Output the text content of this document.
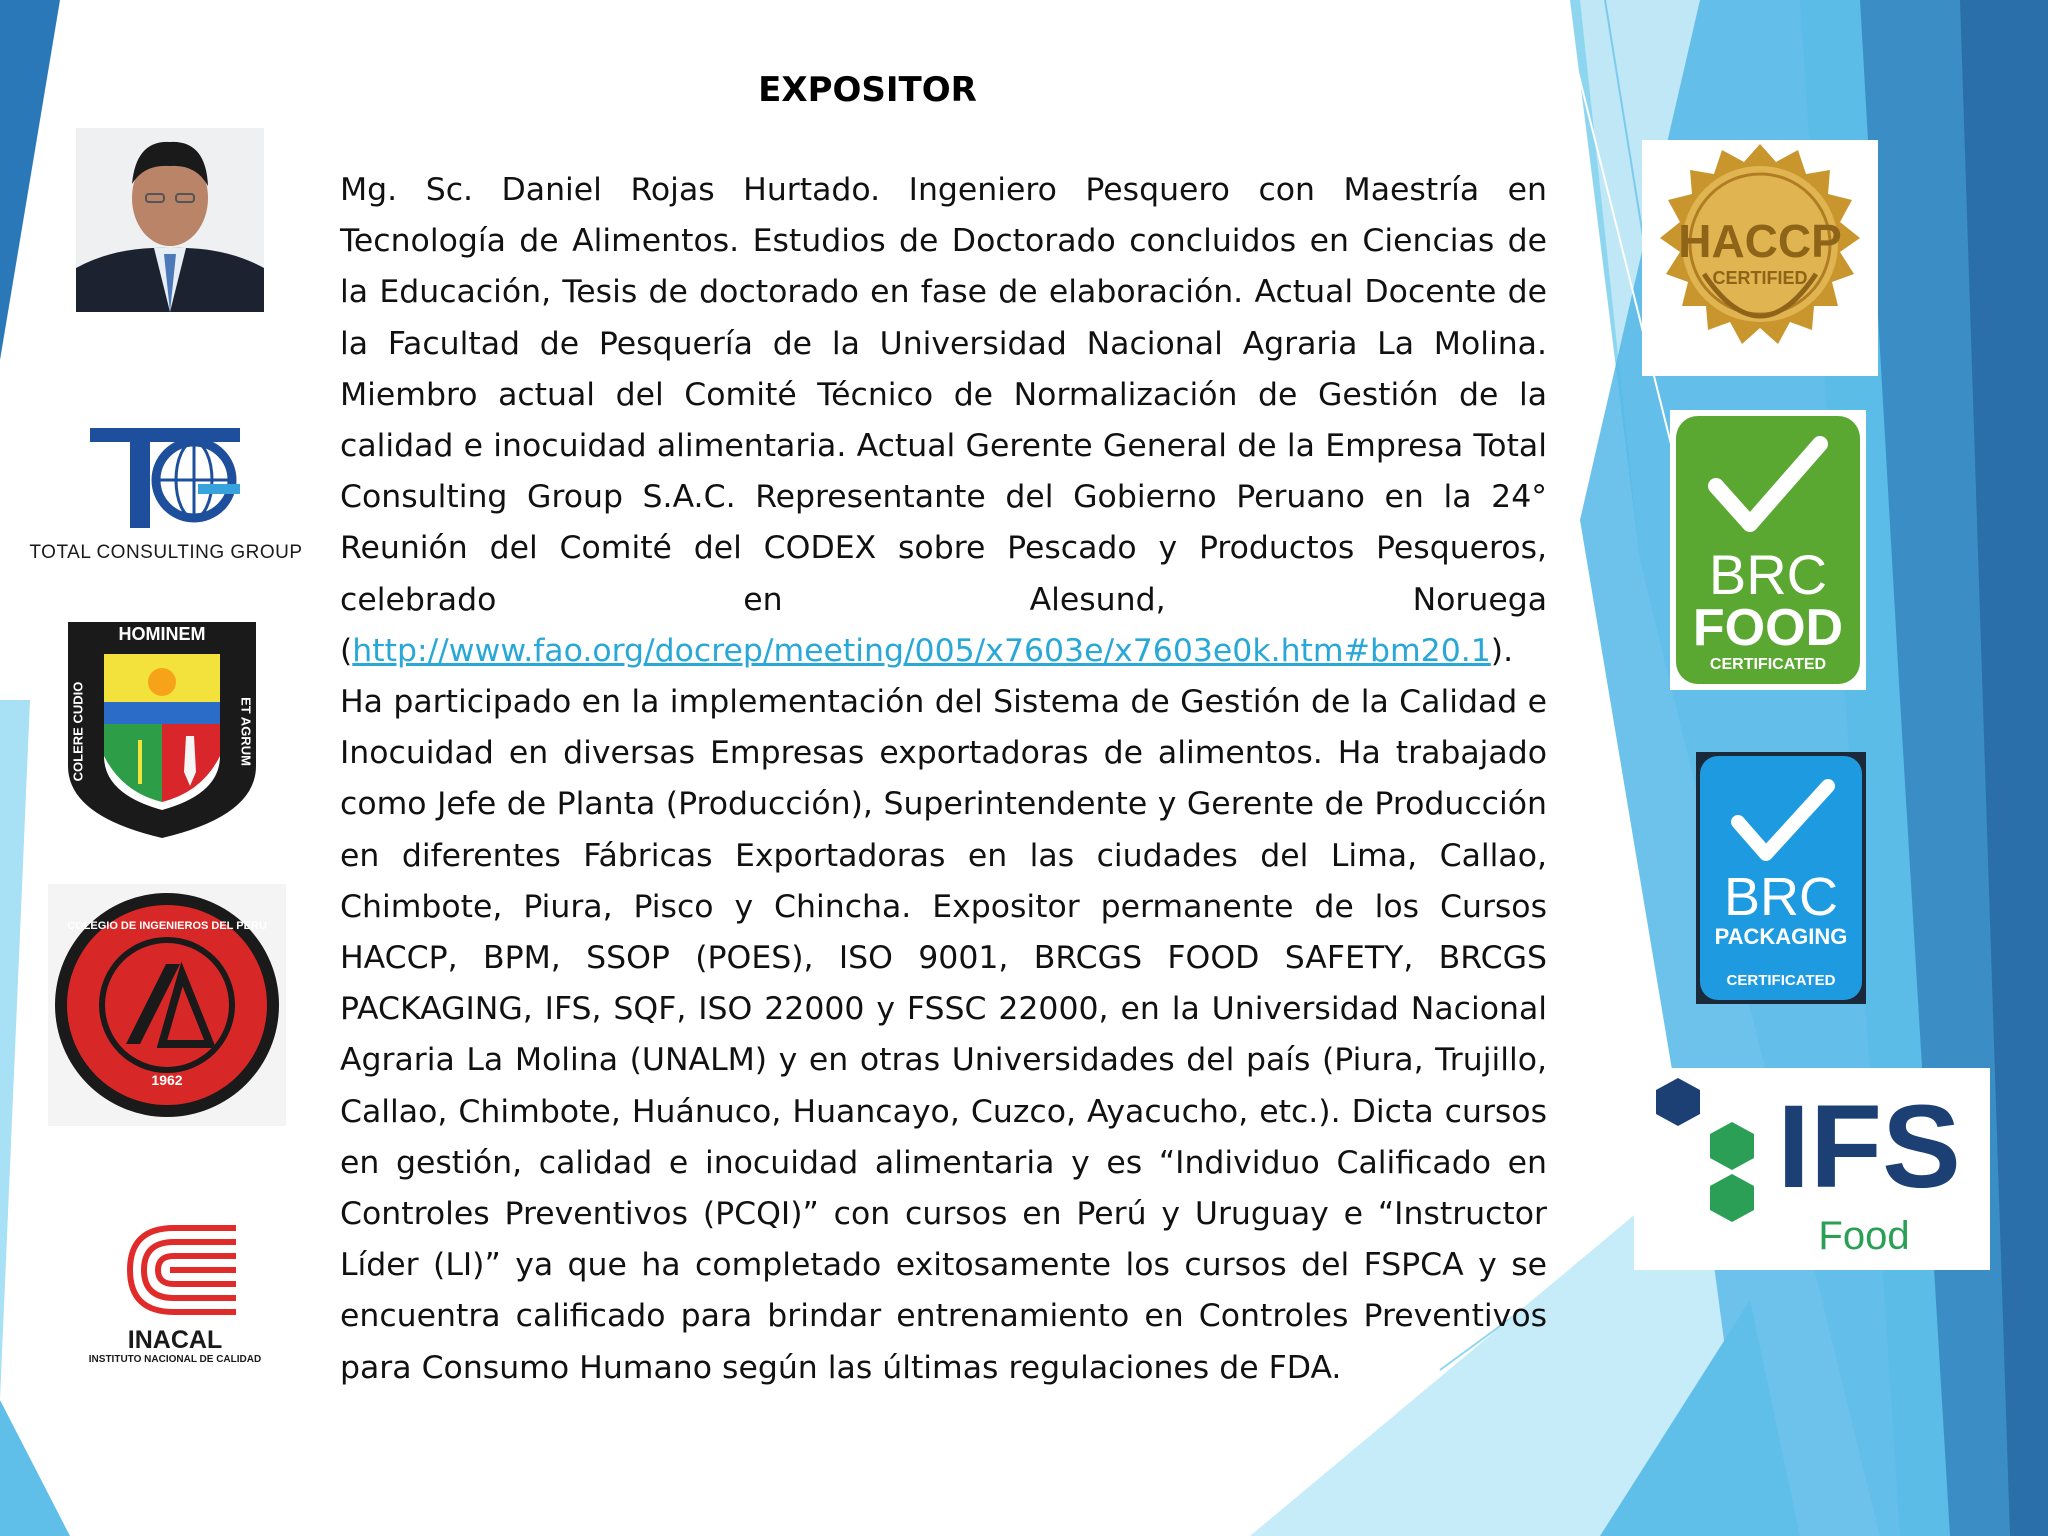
EXPOSITOR

Mg. Sc. Daniel Rojas Hurtado. Ingeniero Pesquero con Maestría en Tecnología de Alimentos. Estudios de Doctorado concluidos en Ciencias de la Educación, Tesis de doctorado en fase de elaboración. Actual Docente de la Facultad de Pesquería de la Universidad Nacional Agraria La Molina. Miembro actual del Comité Técnico de Normalización de Gestión de la calidad e inocuidad alimentaria. Actual Gerente General de la Empresa Total Consulting Group S.A.C. Representante del Gobierno Peruano en la 24° Reunión del Comité del CODEX sobre Pescado y Productos Pesqueros, celebrado en Alesund, Noruega (http://www.fao.org/docrep/meeting/005/x7603e/x7603e0k.htm#bm20.1). Ha participado en la implementación del Sistema de Gestión de la Calidad e Inocuidad en diversas Empresas exportadoras de alimentos. Ha trabajado como Jefe de Planta (Producción), Superintendente y Gerente de Producción en diferentes Fábricas Exportadoras en las ciudades del Lima, Callao, Chimbote, Piura, Pisco y Chincha. Expositor permanente de los Cursos HACCP, BPM, SSOP (POES), ISO 9001, BRCGS FOOD SAFETY, BRCGS PACKAGING, IFS, SQF, ISO 22000 y FSSC 22000, en la Universidad Nacional Agraria La Molina (UNALM) y en otras Universidades del país (Piura, Trujillo, Callao, Chimbote, Huánuco, Huancayo, Cuzco, Ayacucho, etc.). Dicta cursos en gestión, calidad e inocuidad alimentaria y es “Individuo Calificado en Controles Preventivos (PCQI)” con cursos en Perú y Uruguay e “Instructor Líder (LI)” ya que ha completado exitosamente los cursos del FSPCA y se encuentra calificado para brindar entrenamiento en Controles Preventivos para Consumo Humano según las últimas regulaciones de FDA.

TOTAL CONSULTING GROUP
HOMINEM
COLERE CUDIO	ET AGRUM
COLEGIO DE INGENIEROS DEL PERU
1962
INACAL
INSTITUTO NACIONAL DE CALIDAD
HACCP
CERTIFIED
BRC
FOOD
CERTIFICATED
BRC
PACKAGING
CERTIFICATED
IFS
Food
